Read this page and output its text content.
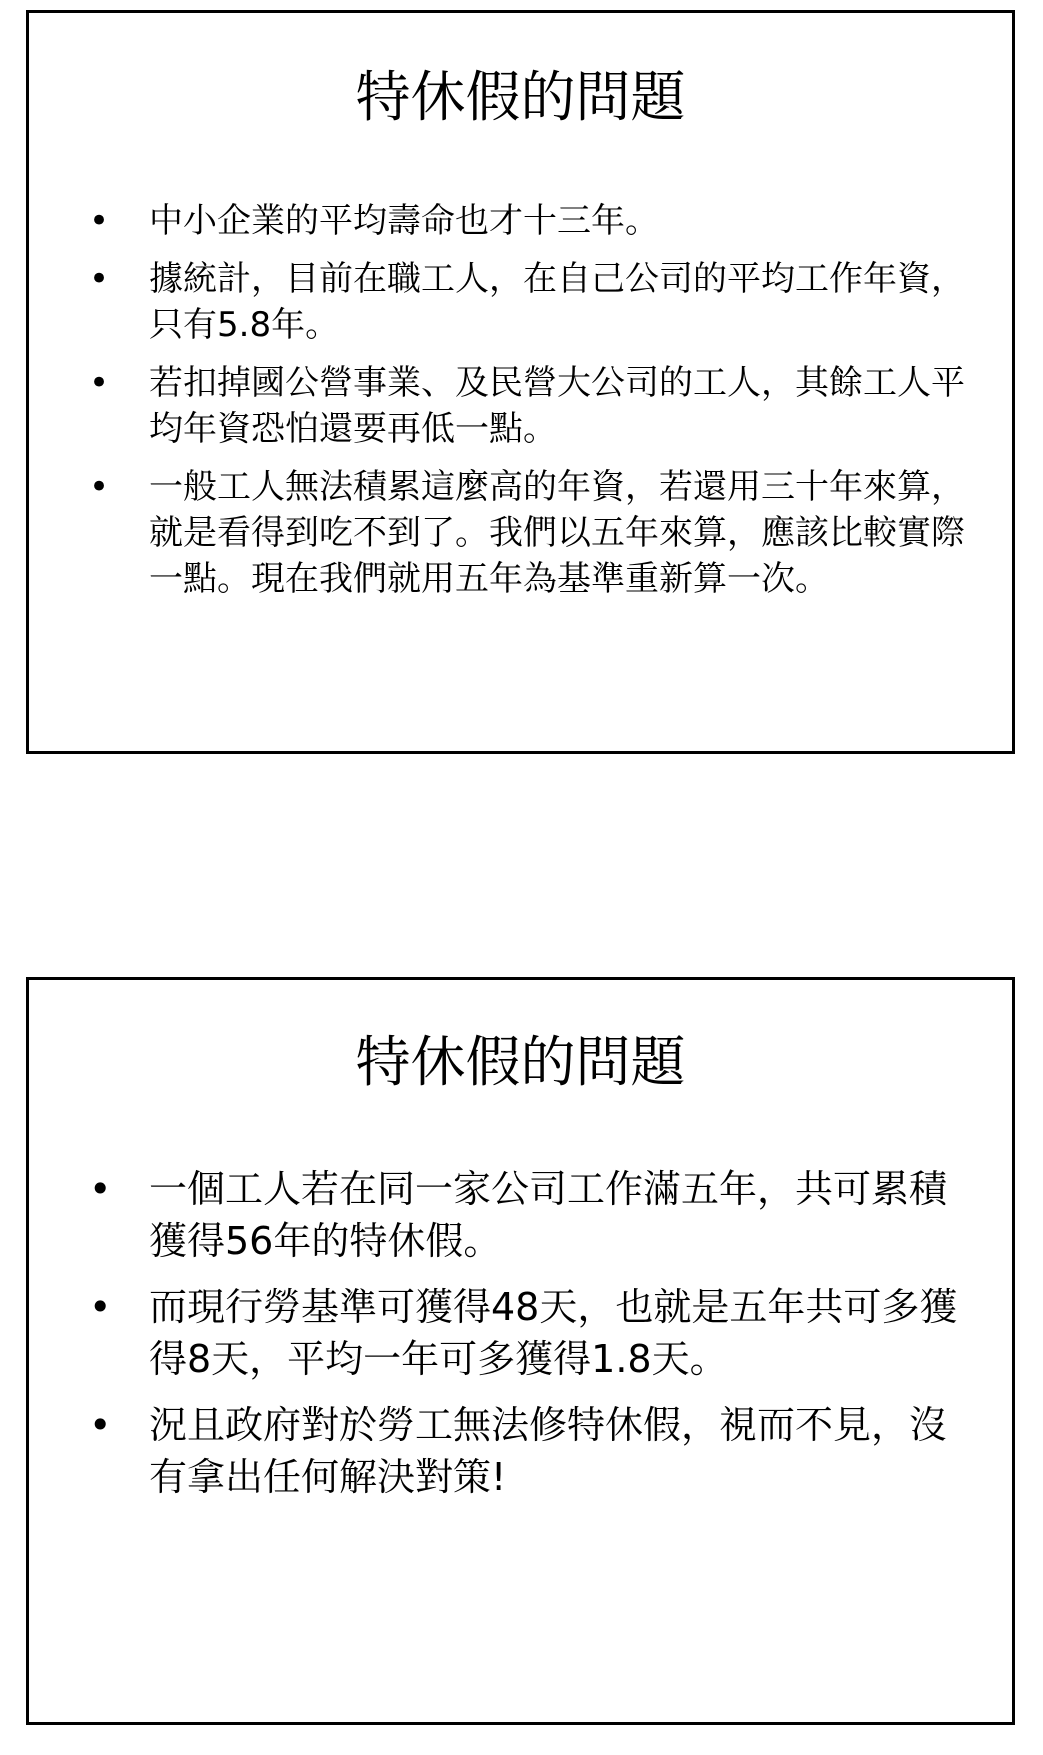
特休假的問題
•	中小企業的平均壽命也才十三年。
•	據統計，目前在職工人，在自己公司的平均工作年資，只有5.8年。
•	若扣掉國公營事業、及民營大公司的工人，其餘工人平均年資恐怕還要再低一點。
•	一般工人無法積累這麼高的年資，若還用三十年來算，就是看得到吃不到了。我們以五年來算，應該比較實際一點。現在我們就用五年為基準重新算一次。
特休假的問題
• 一個工人若在同一家公司工作滿五年，共可累積獲得56年的特休假。
• 而現行勞基準可獲得48天，也就是五年共可多獲得8天，平均一年可多獲得1.8天。
• 況且政府對於勞工無法修特休假，視而不見，沒有拿出任何解決對策!
